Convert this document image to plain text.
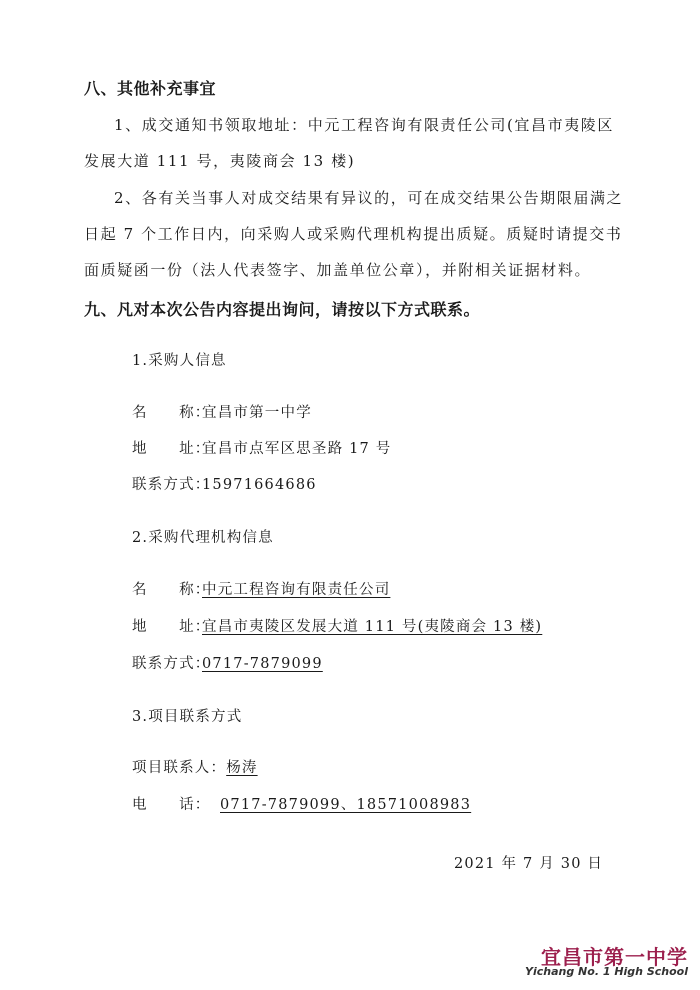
八、其他补充事宜

1、成交通知书领取地址：中元工程咨询有限责任公司(宜昌市夷陵区

发展大道 111 号，夷陵商会 13 楼)

2、各有关当事人对成交结果有异议的，可在成交结果公告期限届满之

日起 7 个工作日内，向采购人或采购代理机构提出质疑。质疑时请提交书

面质疑函一份（法人代表签字、加盖单位公章），并附相关证据材料。

九、凡对本次公告内容提出询问，请按以下方式联系。

1.采购人信息

名　　称：宜昌市第一中学

地　　址：宜昌市点军区思圣路 17 号

联系方式：15971664686

2.采购代理机构信息

名　　称：中元工程咨询有限责任公司

地　　址：宜昌市夷陵区发展大道 111 号(夷陵商会 13 楼)

联系方式：0717-7879099

3.项目联系方式

项目联系人：杨涛

电　　话： 0717-7879099、18571008983

2021 年 7 月 30 日

宜昌市第一中学
Yichang No. 1 High School
